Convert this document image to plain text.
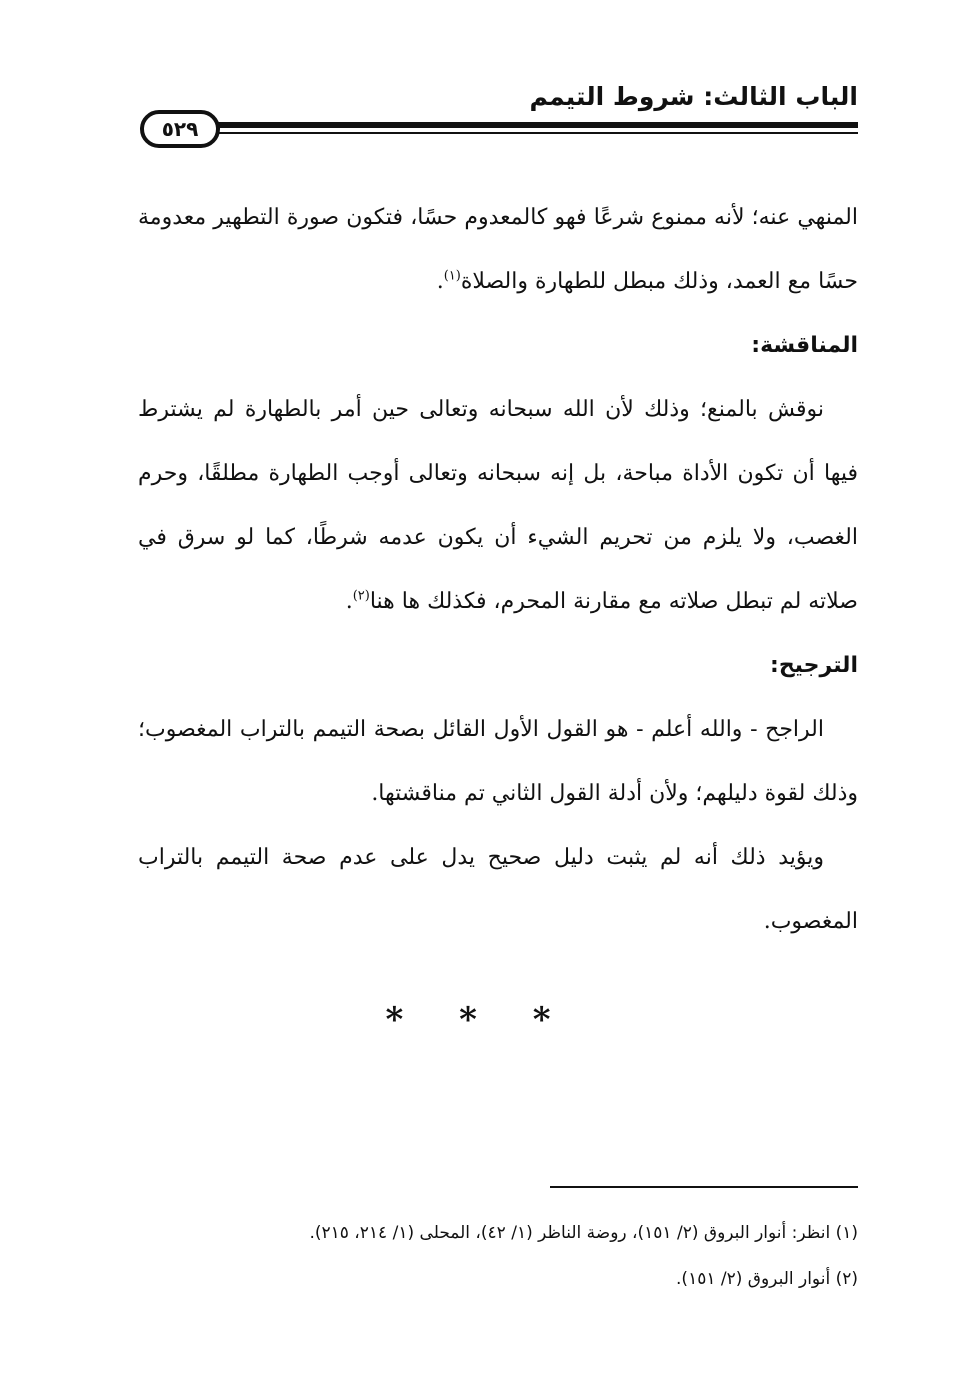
الباب الثالث: شروط التيمم
٥٢٩

المنهي عنه؛ لأنه ممنوع شرعًا فهو كالمعدوم حسًا، فتكون صورة التطهير معدومة حسًا مع العمد، وذلك مبطل للطهارة والصلاة$^{(١)}$.

المناقشة:

نوقش بالمنع؛ وذلك لأن الله سبحانه وتعالى حين أمر بالطهارة لم يشترط فيها أن تكون الأداة مباحة، بل إنه سبحانه وتعالى أوجب الطهارة مطلقًا، وحرم الغصب، ولا يلزم من تحريم الشيء أن يكون عدمه شرطًا، كما لو سرق في صلاته لم تبطل صلاته مع مقارنة المحرم، فكذلك ها هنا$^{(٢)}$.

الترجيح:

الراجح - والله أعلم - هو القول الأول القائل بصحة التيمم بالتراب المغصوب؛ وذلك لقوة دليلهم؛ ولأن أدلة القول الثاني تم مناقشتها.

ويؤيد ذلك أنه لم يثبت دليل صحيح يدل على عدم صحة التيمم بالتراب المغصوب.

* * *

(١) انظر: أنوار البروق (٢/ ١٥١)، روضة الناظر (١/ ٤٢)، المحلى (١/ ٢١٤، ٢١٥).

(٢) أنوار البروق (٢/ ١٥١).
